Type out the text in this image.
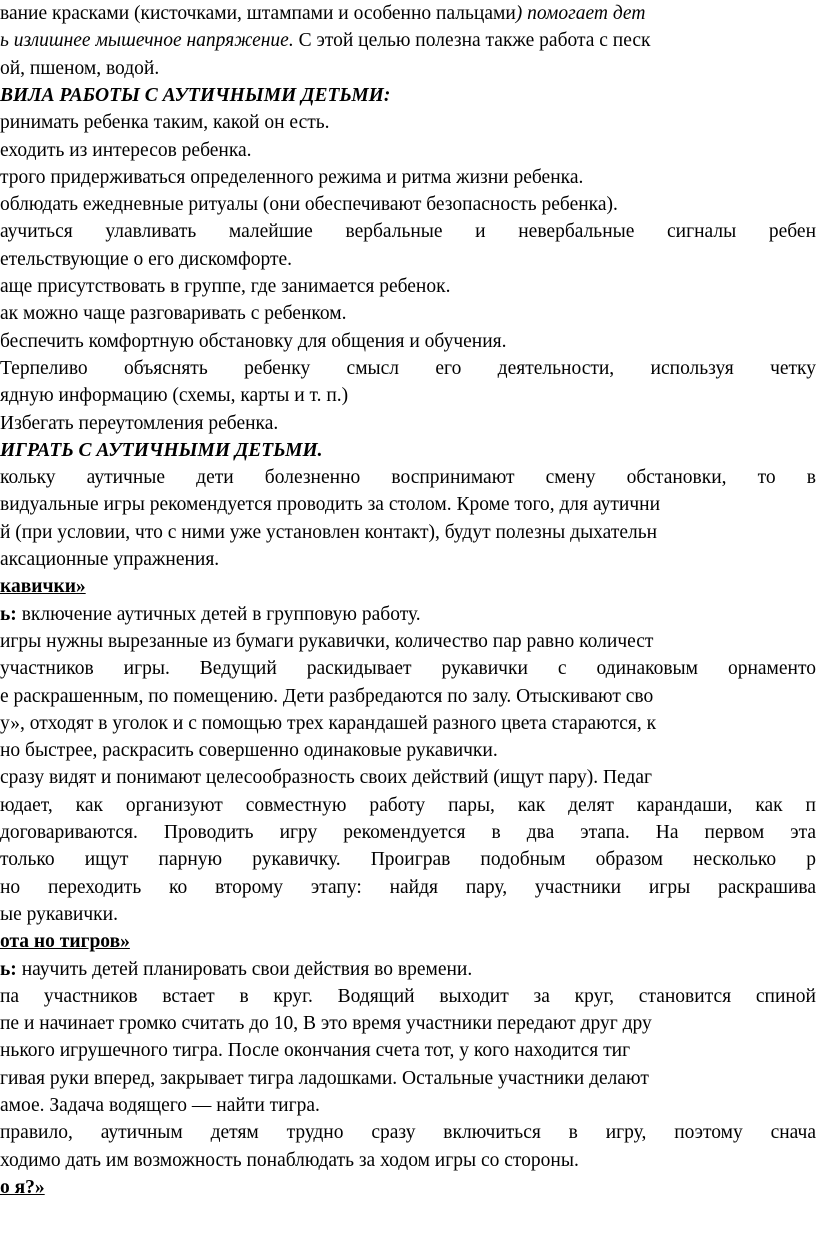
вание красками (кисточками, штампами и особенно пальцами) помогает дет
ь излишнее мышечное напряжение. С этой целью полезна также работа с песк
ой, пшеном, водой.
ВИЛА РАБОТЫ С АУТИЧНЫМИ ДЕТЬМИ:
ринимать ребенка таким, какой он есть.
еходить из интересов ребенка.
трого придерживаться определенного режима и ритма жизни ребенка.
облюдать ежедневные ритуалы (они обеспечивают безопасность ребенка).
аучиться улавливать малейшие вербальные и невербальные сигналы ребен
етельствующие о его дискомфорте.
аще присутствовать в группе, где занимается ребенок.
ак можно чаще разговаривать с ребенком.
беспечить комфортную обстановку для общения и обучения.
Терпеливо объяснять ребенку смысл его деятельности, используя четку
ядную информацию (схемы, карты и т. п.)
Избегать переутомления ребенка.
ИГРАТЬ С АУТИЧНЫМИ ДЕТЬМИ.
кольку аутичные дети болезненно воспринимают смену обстановки, то в
видуальные игры рекомендуется проводить за столом. Кроме того, для аутични
й (при условии, что с ними уже установлен контакт), будут полезны дыхательн
аксационные упражнения.
кавички»
ь: включение аутичных детей в групповую работу.
игры нужны вырезанные из бумаги рукавички, количество пар равно количест
участников игры. Ведущий раскидывает рукавички с одинаковым орнаменто
е раскрашенным, по помещению. Дети разбредаются по залу. Отыскивают сво
у», отходят в уголок и с помощью трех карандашей разного цвета стараются, к
но быстрее, раскрасить совершенно одинаковые рукавички.
сразу видят и понимают целесообразность своих действий (ищут пару). Педаг
юдает, как организуют совместную работу пары, как делят карандаши, как п
договариваются. Проводить игру рекомендуется в два этапа. На первом эта
только ищут парную рукавичку. Проиграв подобным образом несколько р
но переходить ко второму этапу: найдя пару, участники игры раскрашива
ые рукавички.
ота но тигров»
ь: научить детей планировать свои действия во времени.
па участников встает в круг. Водящий выходит за круг, становится спиной
пе и начинает громко считать до 10, В это время участники передают друг дру
нького игрушечного тигра. После окончания счета тот, у кого находится тиг
гивая руки вперед, закрывает тигра ладошками. Остальные участники делают
амое. Задача водящего — найти тигра.
правило, аутичным детям трудно сразу включиться в игру, поэтому снача
ходимо дать им возможность понаблюдать за ходом игры со стороны.
о я?»
